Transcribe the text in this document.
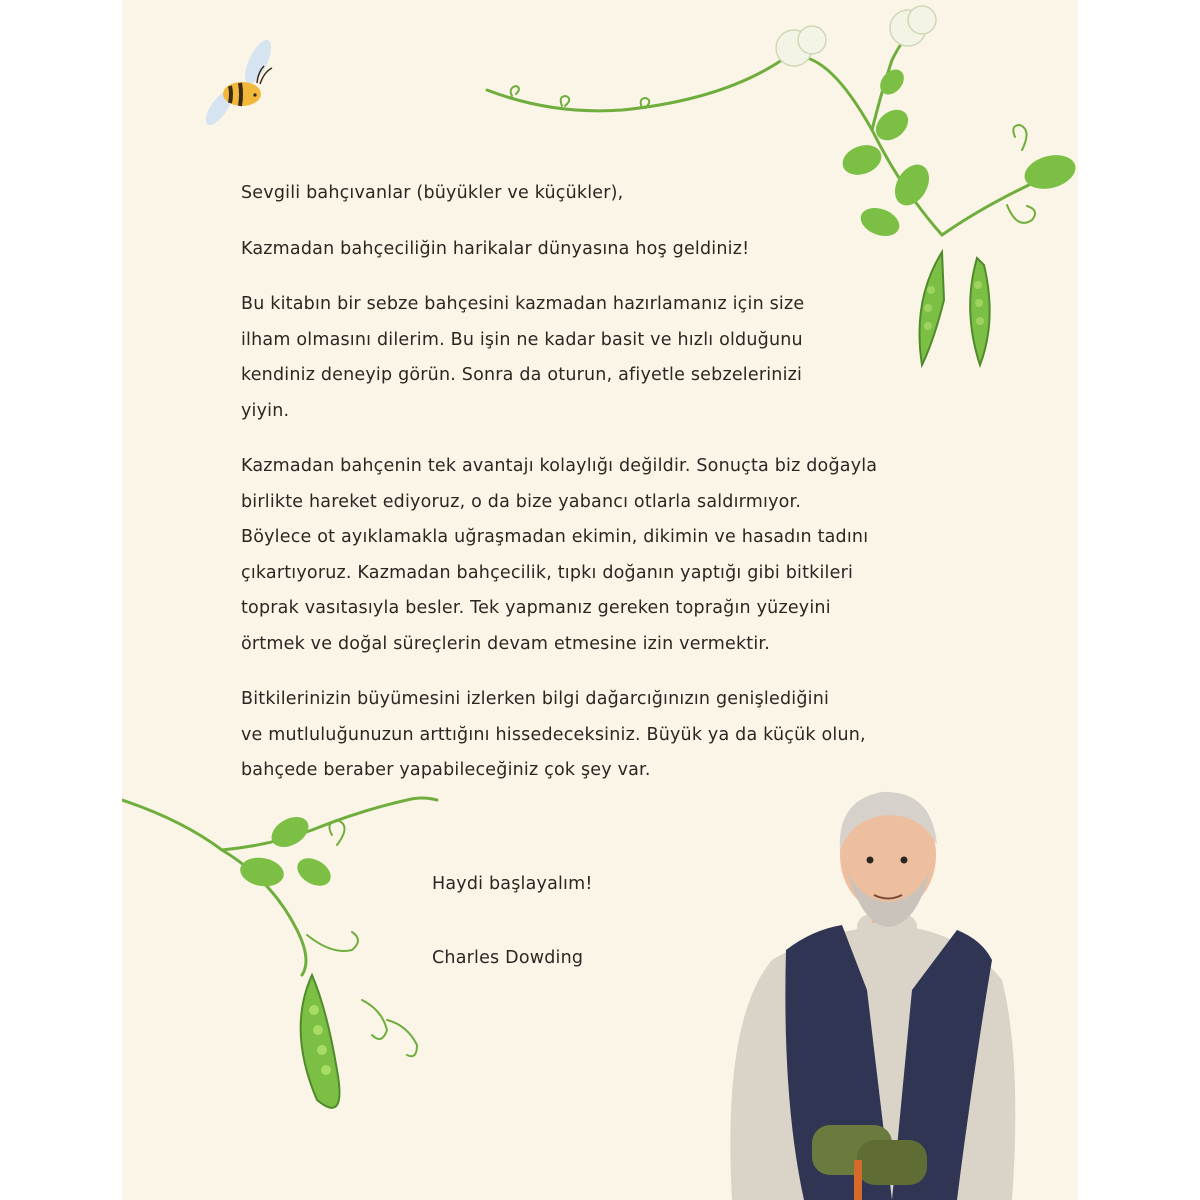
Sevgili bahçıvanlar (büyükler ve küçükler),
Kazmadan bahçeciliğin harikalar dünyasına hoş geldiniz!
Bu kitabın bir sebze bahçesini kazmadan hazırlamanız için size
ilham olmasını dilerim. Bu işin ne kadar basit ve hızlı olduğunu
kendiniz deneyip görün. Sonra da oturun, afiyetle sebzelerinizi
yiyin.
Kazmadan bahçenin tek avantajı kolaylığı değildir. Sonuçta biz doğayla
birlikte hareket ediyoruz, o da bize yabancı otlarla saldırmıyor.
Böylece ot ayıklamakla uğraşmadan ekimin, dikimin ve hasadın tadını
çıkartıyoruz. Kazmadan bahçecilik, tıpkı doğanın yaptığı gibi bitkileri
toprak vasıtasıyla besler. Tek yapmanız gereken toprağın yüzeyini
örtmek ve doğal süreçlerin devam etmesine izin vermektir.
Bitkilerinizin büyümesini izlerken bilgi dağarcığınızın genişlediğini
ve mutluluğunuzun arttığını hissedeceksiniz. Büyük ya da küçük olun,
bahçede beraber yapabileceğiniz çok şey var.
Haydi başlayalım!
Charles Dowding
